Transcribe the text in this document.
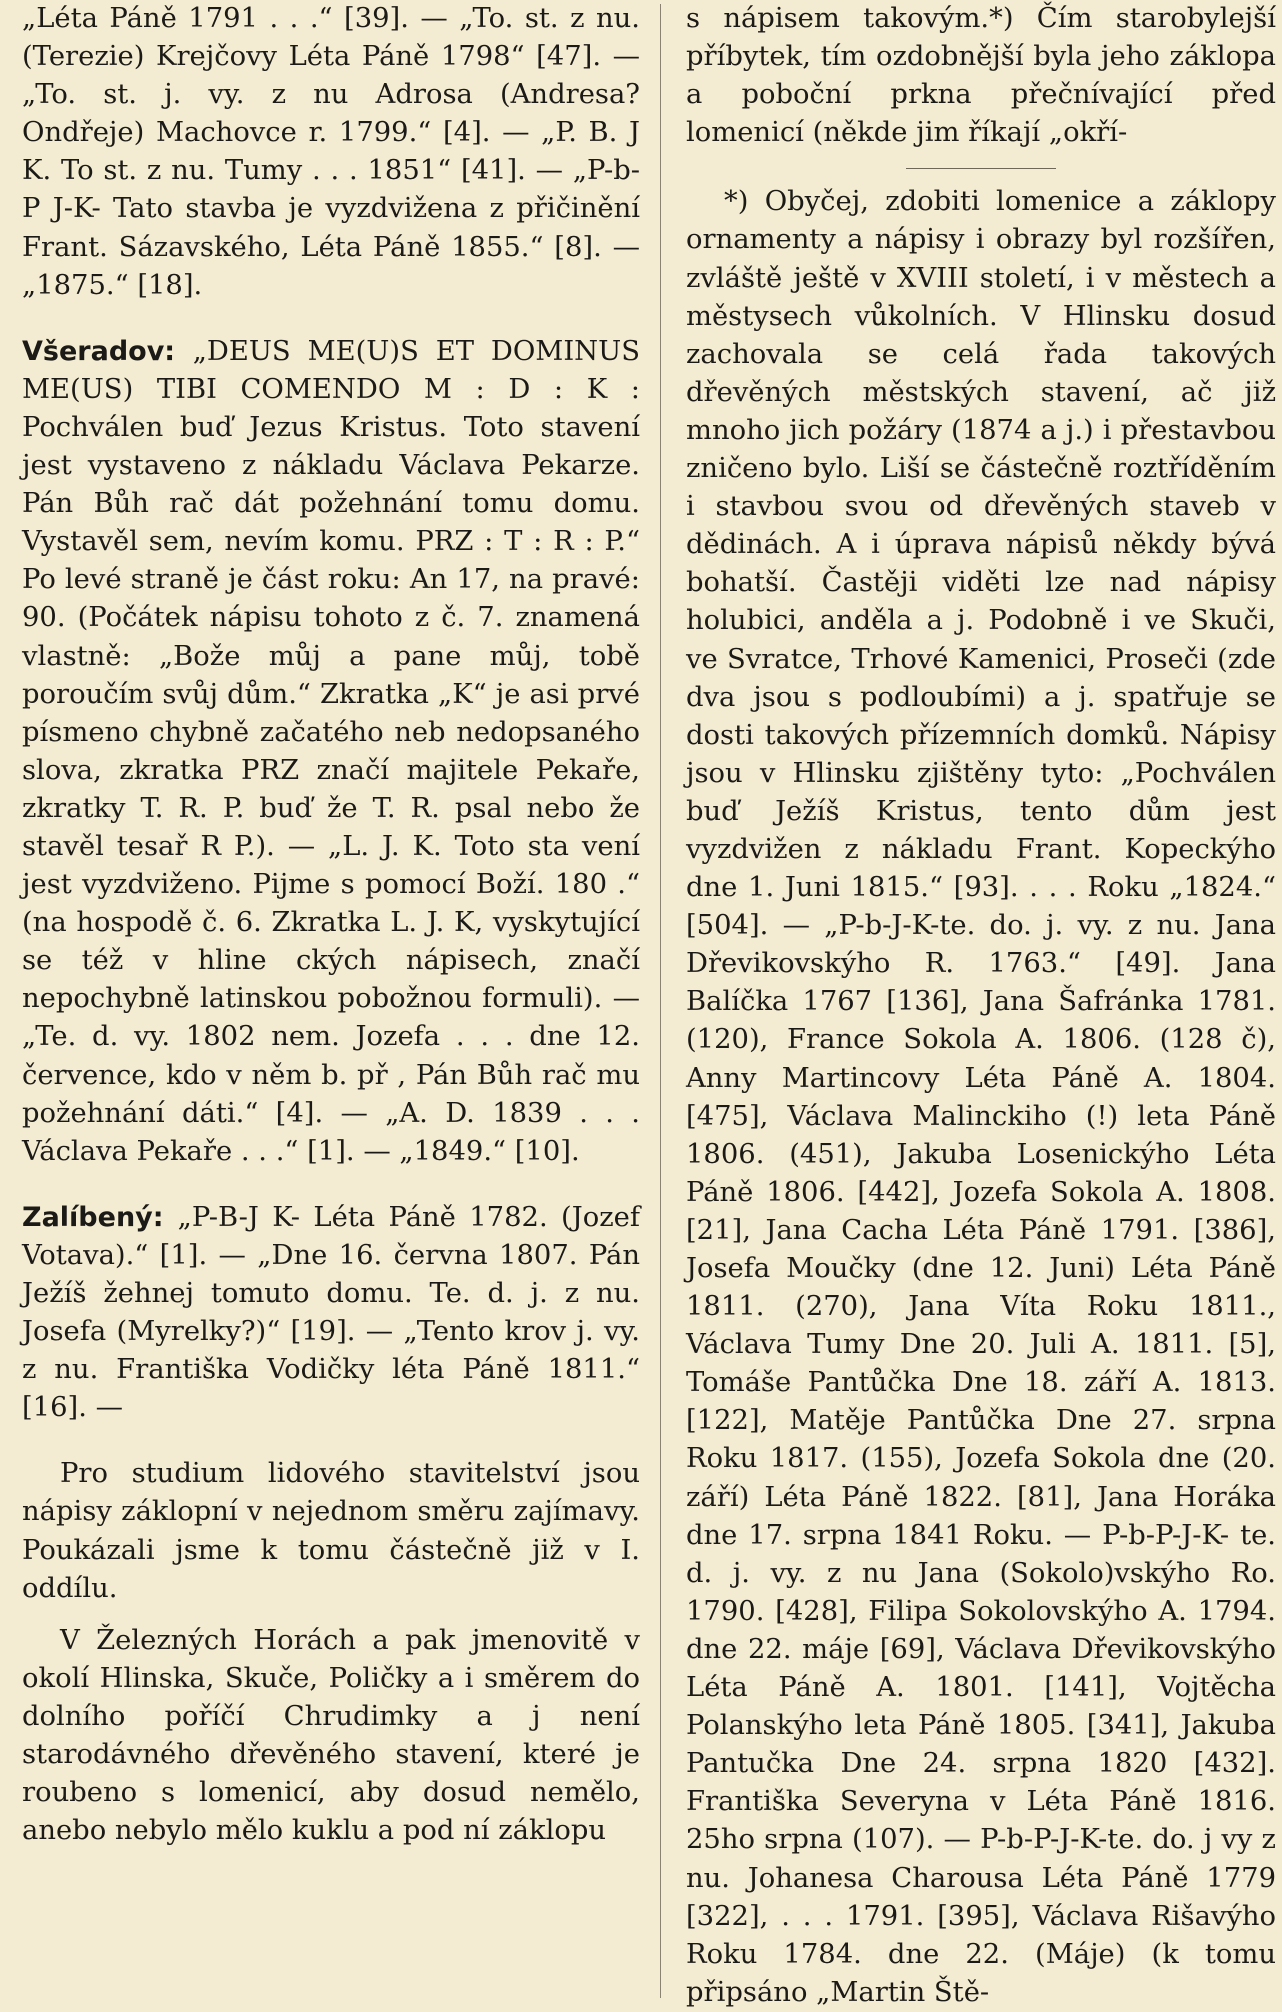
„Léta Páně 1791 . . .“ [39]. — „To. st. z nu. (Terezie) Krejčovy Léta Páně 1798“ [47]. — „To. st. j. vy. z nu Adrosa (Andresa? Ondřeje) Machovce r. 1799.“ [4]. — „P. B. J K. To st. z nu. Tumy . . . 1851“ [41]. — „P-b-P J-K- Tato stavba je vyzdvižena z přičinění Frant. Sázavského, Léta Páně 1855.“ [8]. — „1875.“ [18].

Všeradov: „DEUS ME(U)S ET DOMINUS ME(US) TIBI COMENDO M : D : K : Pochválen buď Jezus Kristus. Toto stavení jest vystaveno z nákladu Václava Pekarze. Pán Bůh rač dát požehnání tomu domu. Vystavěl sem, nevím komu. PRZ : T : R : P.“ Po levé straně je část roku: An 17, na pravé: 90. (Počátek nápisu tohoto z č. 7. znamená vlastně: „Bože můj a pane můj, tobě poroučím svůj dům.“ Zkratka „K“ je asi prvé písmeno chybně začatého neb nedopsaného slova, zkratka PRZ značí majitele Pekaře, zkratky T. R. P. buď že T. R. psal nebo že stavěl tesař R P.). — „L. J. K. Toto sta vení jest vyzdviženo. Pijme s pomocí Boží. 180 .“ (na hospodě č. 6. Zkratka L. J. K, vyskytující se též v hline ckých nápisech, značí nepochybně latinskou pobožnou formuli). — „Te. d. vy. 1802 nem. Jozefa . . . dne 12. července, kdo v něm b. př , Pán Bůh rač mu požehnání dáti.“ [4]. — „A. D. 1839 . . . Václava Pekaře . . .“ [1]. — „1849.“ [10].

Zalíbený: „P-B-J K- Léta Páně 1782. (Jozef Votava).“ [1]. — „Dne 16. června 1807. Pán Ježíš žehnej tomuto domu. Te. d. j. z nu. Josefa (Myrelky?)“ [19]. — „Tento krov j. vy. z nu. Františka Vodičky léta Páně 1811.“ [16]. —

Pro studium lidového stavitelství jsou nápisy záklopní v nejednom směru zajímavy. Poukázali jsme k tomu částečně již v I. oddílu.

V Železných Horách a pak jmenovitě v okolí Hlinska, Skuče, Poličky a i směrem do dolního poříčí Chrudimky a j není starodávného dřevěného stavení, které je roubeno s lomenicí, aby dosud nemělo, anebo nebylo mělo kuklu a pod ní záklopu

s nápisem takovým.*) Čím starobylejší příbytek, tím ozdobnější byla jeho záklopa a poboční prkna přečnívající před lomenicí (někde jim říkají „okří-

*) Obyčej, zdobiti lomenice a záklopy ornamenty a nápisy i obrazy byl rozšířen, zvláště ještě v XVIII století, i v městech a městysech vůkolních. V Hlinsku dosud zachovala se celá řada takových dřevěných městských stavení, ač již mnoho jich požáry (1874 a j.) i přestavbou zničeno bylo. Liší se částečně roztříděním i stavbou svou od dřevěných staveb v dědinách. A i úprava nápisů někdy bývá bohatší. Častěji viděti lze nad nápisy holubici, anděla a j. Podobně i ve Skuči, ve Svratce, Trhové Kamenici, Proseči (zde dva jsou s podloubími) a j. spatřuje se dosti takových přízemních domků. Nápisy jsou v Hlinsku zjištěny tyto: „Pochválen buď Ježíš Kristus, tento dům jest vyzdvižen z nákladu Frant. Kopeckýho dne 1. Juni 1815.“ [93]. . . . Roku „1824.“ [504]. — „P-b-J-K-te. do. j. vy. z nu. Jana Dřevikovskýho R. 1763.“ [49]. Jana Balíčka 1767 [136], Jana Šafránka 1781. (120), France Sokola A. 1806. (128 č), Anny Martincovy Léta Páně A. 1804. [475], Václava Malinckiho (!) leta Páně 1806. (451), Jakuba Losenickýho Léta Páně 1806. [442], Jozefa Sokola A. 1808. [21], Jana Cacha Léta Páně 1791. [386], Josefa Moučky (dne 12. Juni) Léta Páně 1811. (270), Jana Víta Roku 1811., Václava Tumy Dne 20. Juli A. 1811. [5], Tomáše Pantůčka Dne 18. září A. 1813. [122], Matěje Pantůčka Dne 27. srpna Roku 1817. (155), Jozefa Sokola dne (20. září) Léta Páně 1822. [81], Jana Horáka dne 17. srpna 1841 Roku. — P-b-P-J-K- te. d. j. vy. z nu Jana (Sokolo)vskýho Ro. 1790. [428], Filipa Sokolovskýho A. 1794. dne 22. máje [69], Václava Dřevikovskýho Léta Páně A. 1801. [141], Vojtěcha Polanskýho leta Páně 1805. [341], Jakuba Pantučka Dne 24. srpna 1820 [432]. Františka Severyna v Léta Páně 1816. 25ho srpna (107). — P-b-P-J-K-te. do. j vy z nu. Johanesa Charousa Léta Páně 1779 [322], . . . 1791. [395], Václava Rišavýho Roku 1784. dne 22. (Máje) (k tomu připsáno „Martin Ště-
